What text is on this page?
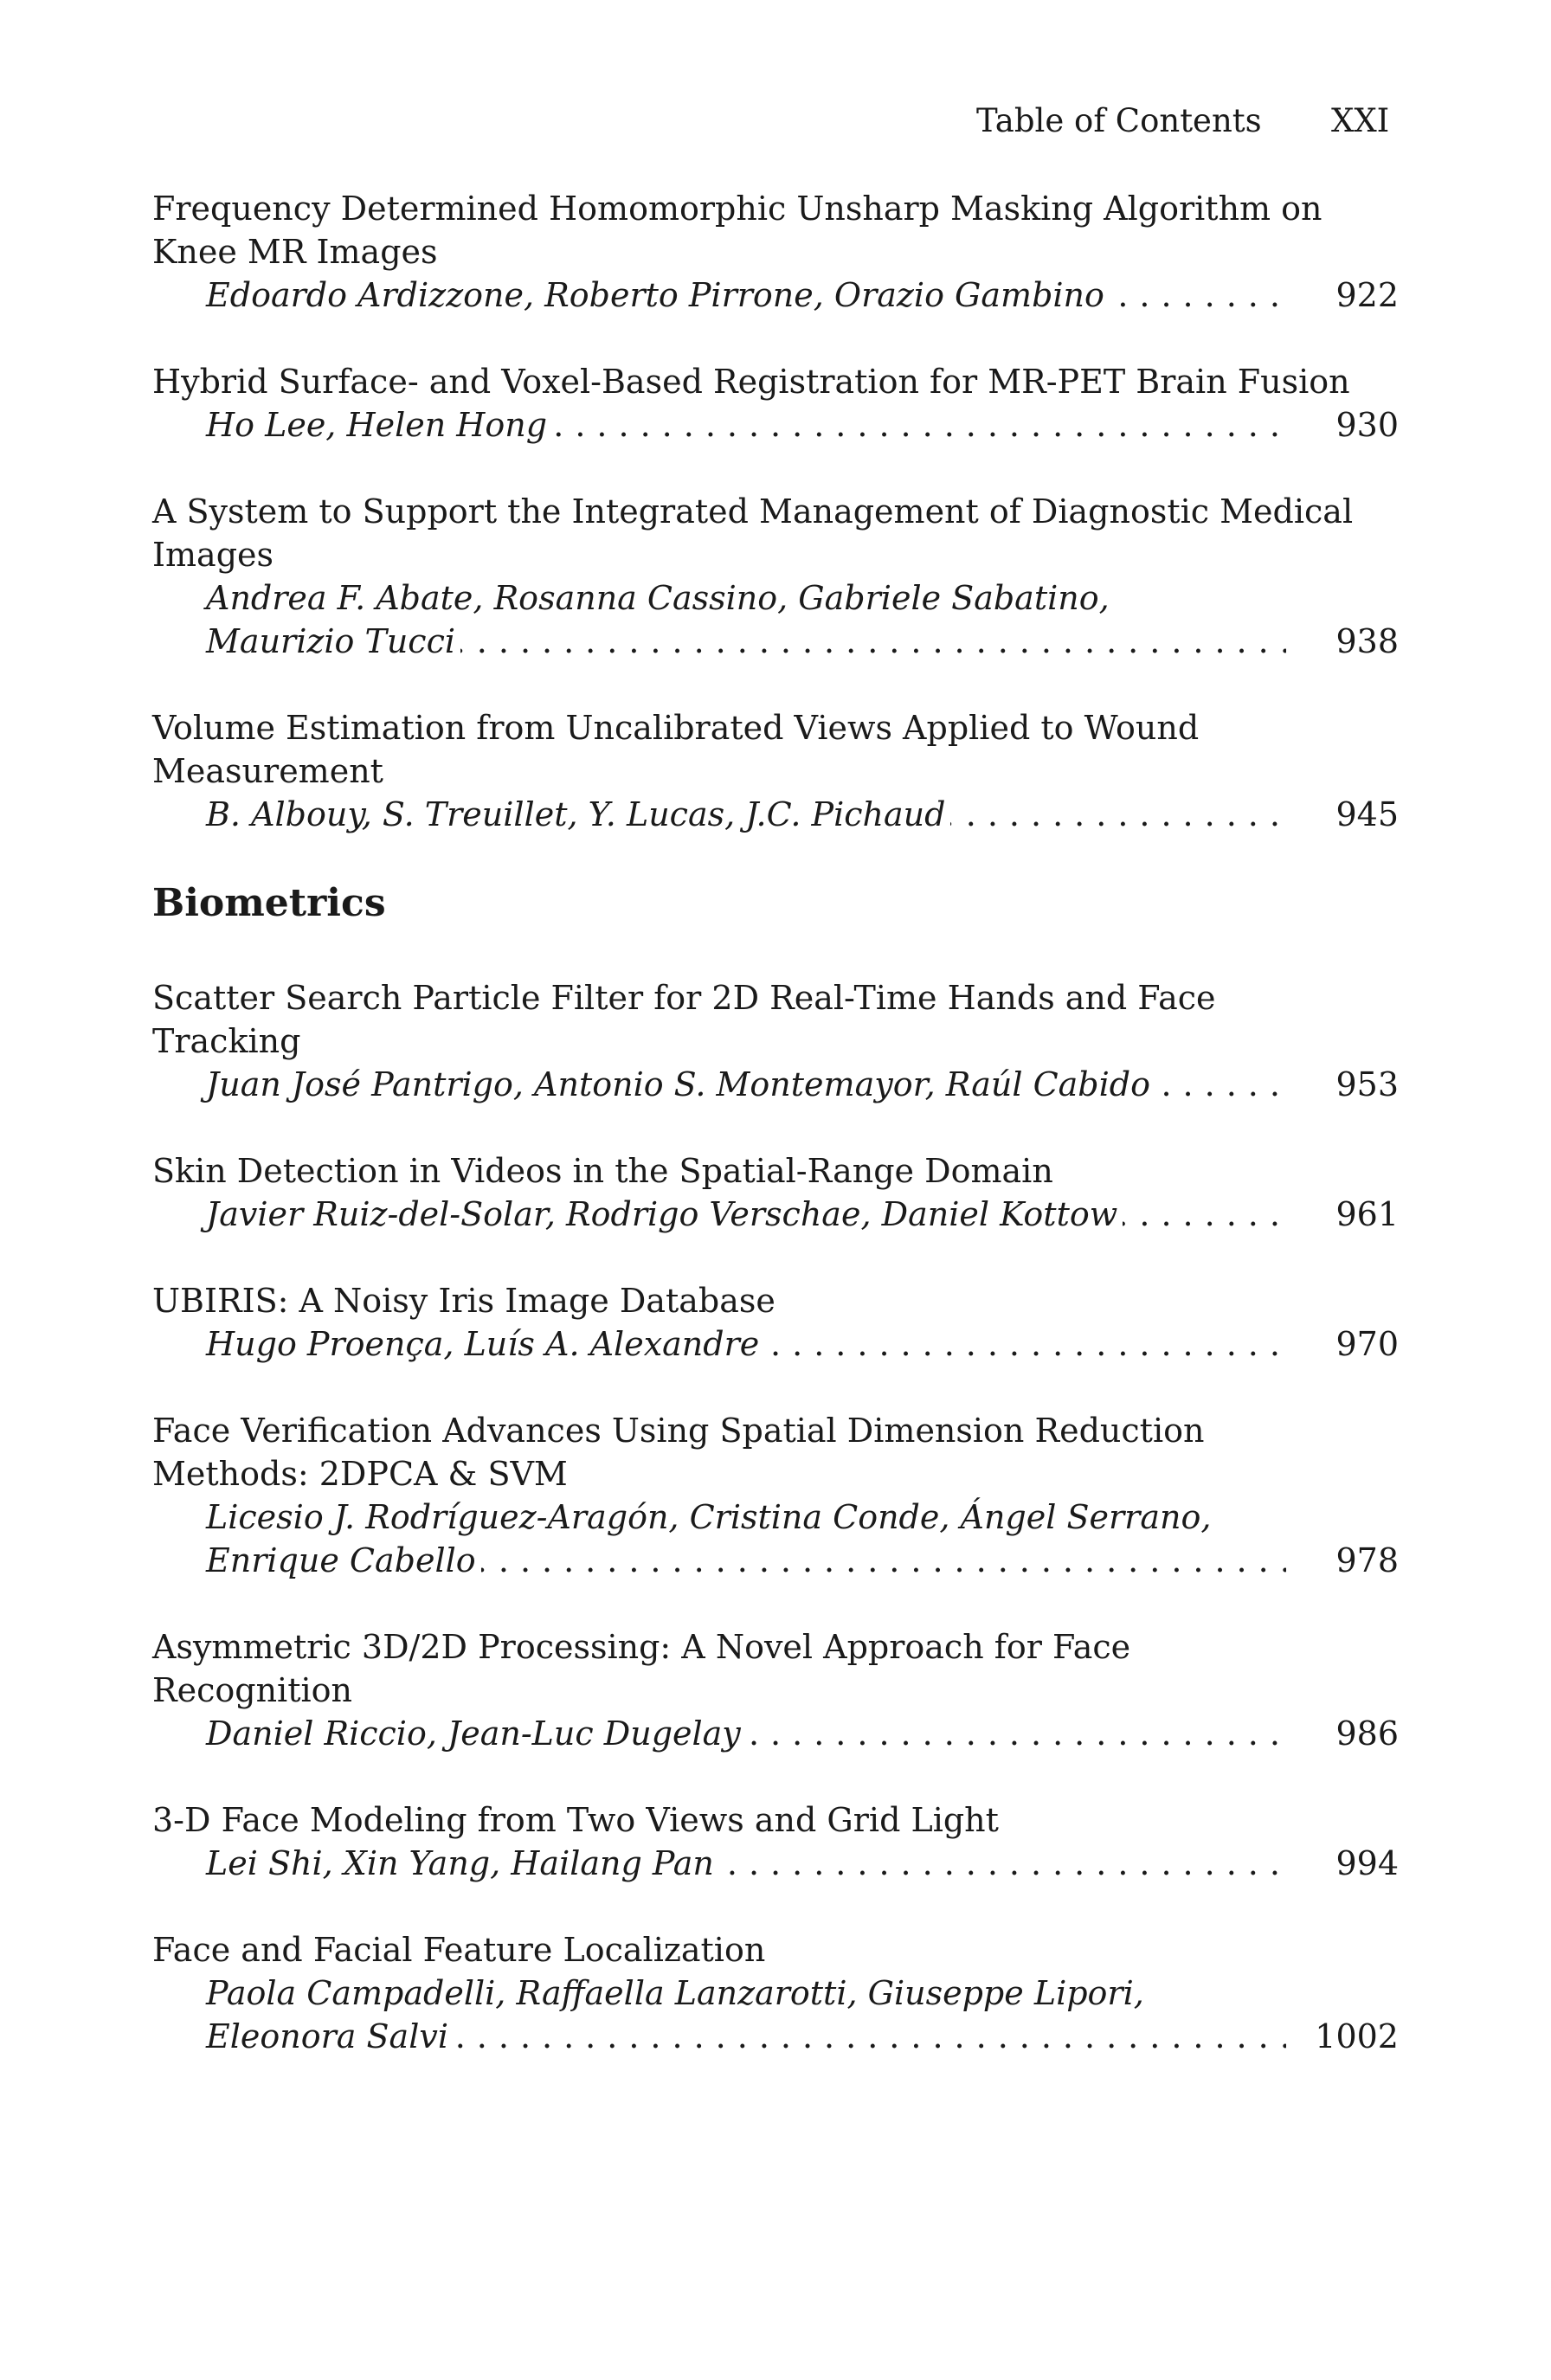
Table of Contents XXI
Frequency Determined Homomorphic Unsharp Masking Algorithm on
Knee MR Images
Edoardo Ardizzone, Roberto Pirrone, Orazio Gambino .....	922
Hybrid Surface- and Voxel-Based Registration for MR-PET Brain Fusion
Ho Lee, Helen Hong .....	930
A System to Support the Integrated Management of Diagnostic Medical
Images
Andrea F. Abate, Rosanna Cassino, Gabriele Sabatino,
Maurizio Tucci .....	938
Volume Estimation from Uncalibrated Views Applied to Wound
Measurement
B. Albouy, S. Treuillet, Y. Lucas, J.C. Pichaud .....	945
Biometrics
Scatter Search Particle Filter for 2D Real-Time Hands and Face
Tracking
Juan José Pantrigo, Antonio S. Montemayor, Raúl Cabido .....	953
Skin Detection in Videos in the Spatial-Range Domain
Javier Ruiz-del-Solar, Rodrigo Verschae, Daniel Kottow .....	961
UBIRIS: A Noisy Iris Image Database
Hugo Proença, Luís A. Alexandre .....	970
Face Verification Advances Using Spatial Dimension Reduction
Methods: 2DPCA & SVM
Licesio J. Rodríguez-Aragón, Cristina Conde, Ángel Serrano,
Enrique Cabello .....	978
Asymmetric 3D/2D Processing: A Novel Approach for Face
Recognition
Daniel Riccio, Jean-Luc Dugelay .....	986
3-D Face Modeling from Two Views and Grid Light
Lei Shi, Xin Yang, Hailang Pan .....	994
Face and Facial Feature Localization
Paola Campadelli, Raffaella Lanzarotti, Giuseppe Lipori,
Eleonora Salvi .....	1002
